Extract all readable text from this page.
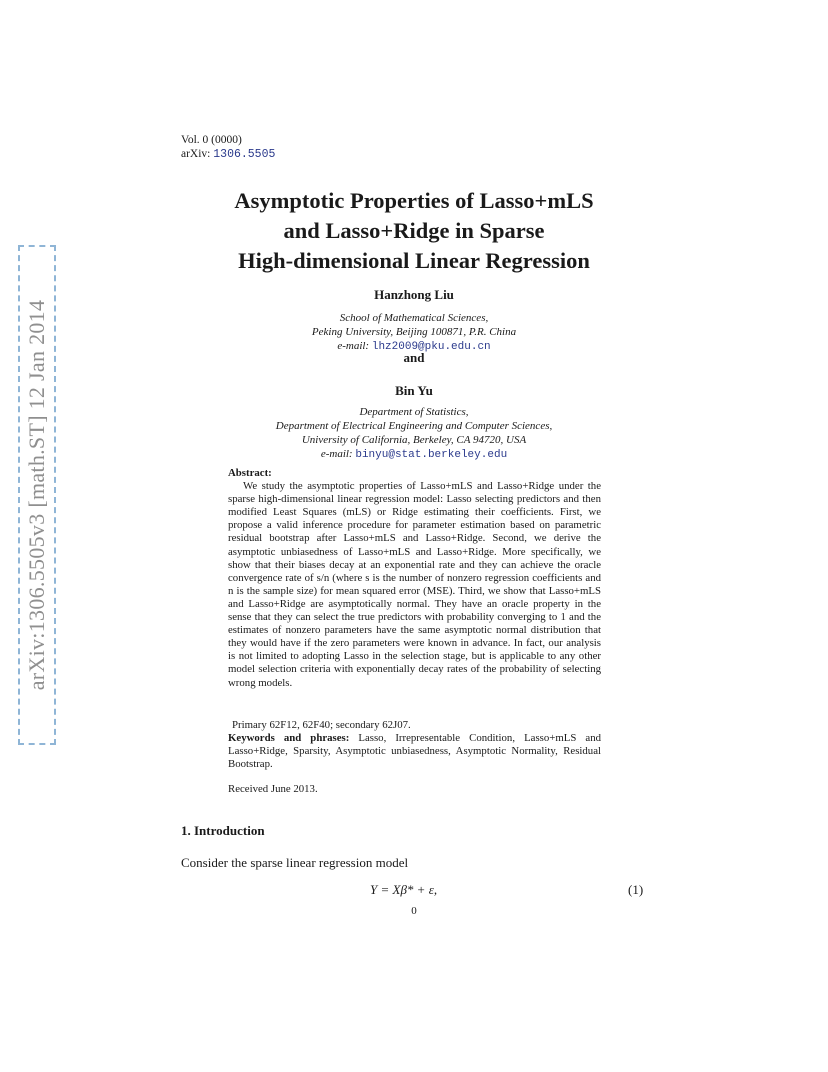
arXiv:1306.5505v3 [math.ST] 12 Jan 2014
Vol. 0 (0000)
arXiv: 1306.5505
Asymptotic Properties of Lasso+mLS
and Lasso+Ridge in Sparse
High-dimensional Linear Regression
Hanzhong Liu
School of Mathematical Sciences,
Peking University, Beijing 100871, P.R. China
e-mail: lhz2009@pku.edu.cn
and
Bin Yu
Department of Statistics,
Department of Electrical Engineering and Computer Sciences,
University of California, Berkeley, CA 94720, USA
e-mail: binyu@stat.berkeley.edu
Abstract:

We study the asymptotic properties of Lasso+mLS and Lasso+Ridge under the sparse high-dimensional linear regression model: Lasso selecting predictors and then modified Least Squares (mLS) or Ridge estimating their coefficients. First, we propose a valid inference procedure for parameter estimation based on parametric residual bootstrap after Lasso+mLS and Lasso+Ridge. Second, we derive the asymptotic unbiasedness of Lasso+mLS and Lasso+Ridge. More specifically, we show that their biases decay at an exponential rate and they can achieve the oracle convergence rate of s/n (where s is the number of nonzero regression coefficients and n is the sample size) for mean squared error (MSE). Third, we show that Lasso+mLS and Lasso+Ridge are asymptotically normal. They have an oracle property in the sense that they can select the true predictors with probability converging to 1 and the estimates of nonzero parameters have the same asymptotic normal distribution that they would have if the zero parameters were known in advance. In fact, our analysis is not limited to adopting Lasso in the selection stage, but is applicable to any other model selection criteria with exponentially decay rates of the probability of selecting wrong models.

Primary 62F12, 62F40; secondary 62J07.
Keywords and phrases: Lasso, Irrepresentable Condition, Lasso+mLS and Lasso+Ridge, Sparsity, Asymptotic unbiasedness, Asymptotic Normality, Residual Bootstrap.
Received June 2013.
1. Introduction
Consider the sparse linear regression model
Y = Xβ* + ε,	(1)
0
